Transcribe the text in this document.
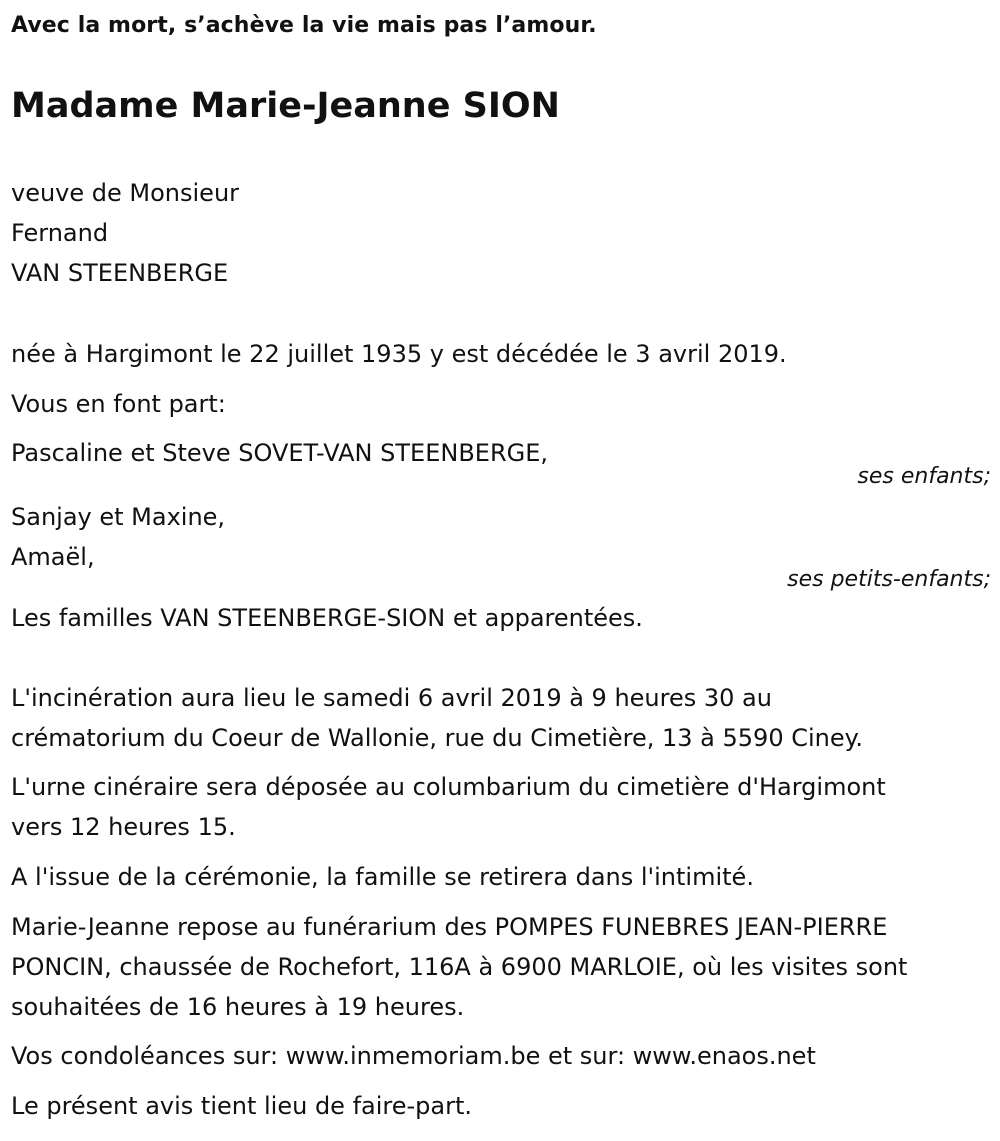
Avec la mort, s’achève la vie mais pas l’amour.
Madame Marie-Jeanne SION
veuve de Monsieur
Fernand
VAN STEENBERGE
née à Hargimont le 22 juillet 1935 y est décédée le 3 avril 2019.
Vous en font part:
Pascaline et Steve SOVET-VAN STEENBERGE,
ses enfants;
Sanjay et Maxine,
Amaël,
ses petits-enfants;
Les familles VAN STEENBERGE-SION et apparentées.
L'incinération aura lieu le samedi 6 avril 2019 à 9 heures 30 au
crématorium du Coeur de Wallonie, rue du Cimetière, 13 à 5590 Ciney.
L'urne cinéraire sera déposée au columbarium du cimetière d'Hargimont
vers 12 heures 15.
A l'issue de la cérémonie, la famille se retirera dans l'intimité.
Marie-Jeanne repose au funérarium des POMPES FUNEBRES JEAN-PIERRE
PONCIN, chaussée de Rochefort, 116A à 6900 MARLOIE, où les visites sont
souhaitées de 16 heures à 19 heures.
Vos condoléances sur: www.inmemoriam.be et sur: www.enaos.net
Le présent avis tient lieu de faire-part.
